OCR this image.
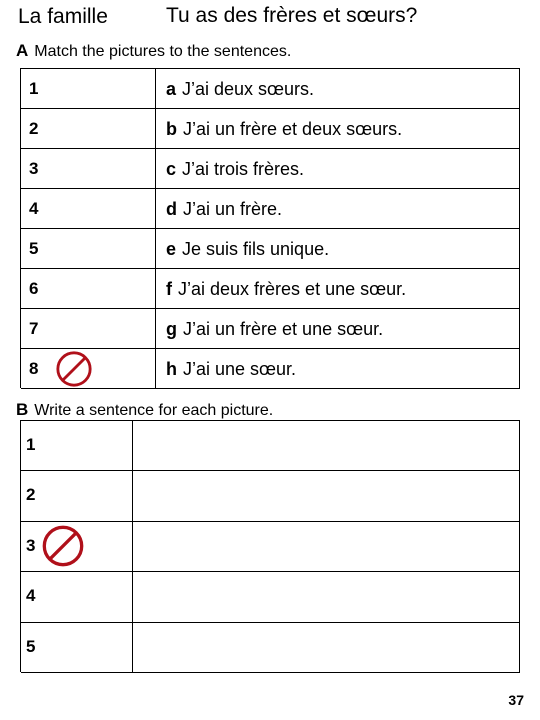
La famille	Tu as des frères et sœurs?
A Match the pictures to the sentences.
1	a J’ai deux sœurs.
2	b J’ai un frère et deux sœurs.
3	c J’ai trois frères.
4	d J’ai un frère.
5	e Je suis fils unique.
6	f J’ai deux frères et une sœur.
7	g J’ai un frère et une sœur.
8	h J’ai une sœur.
B Write a sentence for each picture.
1
2
3
4
5
37
